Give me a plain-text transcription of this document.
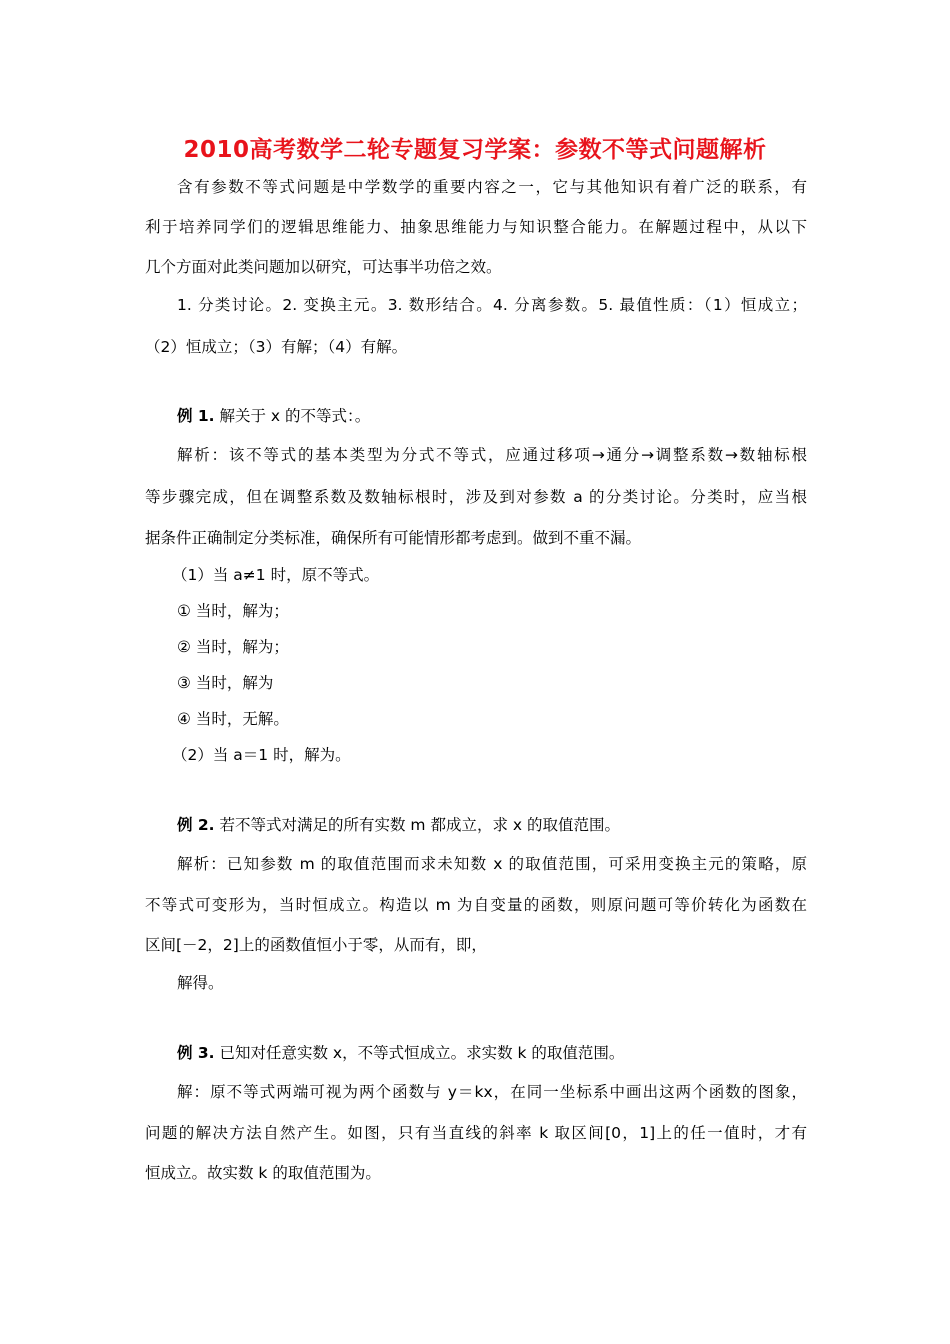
2010高考数学二轮专题复习学案：参数不等式问题解析
含有参数不等式问题是中学数学的重要内容之一，它与其他知识有着广泛的联系，有
利于培养同学们的逻辑思维能力、抽象思维能力与知识整合能力。在解题过程中，从以下
几个方面对此类问题加以研究，可达事半功倍之效。
1. 分类讨论。2. 变换主元。3. 数形结合。4. 分离参数。5. 最值性质：（1）恒成立；
（2）恒成立；（3）有解；（4）有解。
例 1. 解关于 x 的不等式：。
解析：该不等式的基本类型为分式不等式，应通过移项→通分→调整系数→数轴标根
等步骤完成，但在调整系数及数轴标根时，涉及到对参数 a 的分类讨论。分类时，应当根
据条件正确制定分类标准，确保所有可能情形都考虑到。做到不重不漏。
（1）当 a≠1 时，原不等式。
① 当时，解为；
② 当时，解为；
③ 当时，解为
④ 当时，无解。
（2）当 a＝1 时，解为。
例 2. 若不等式对满足的所有实数 m 都成立，求 x 的取值范围。
解析：已知参数 m 的取值范围而求未知数 x 的取值范围，可采用变换主元的策略，原
不等式可变形为，当时恒成立。构造以 m 为自变量的函数，则原问题可等价转化为函数在
区间[－2，2]上的函数值恒小于零，从而有，即，
解得。
例 3. 已知对任意实数 x，不等式恒成立。求实数 k 的取值范围。
解：原不等式两端可视为两个函数与 y＝kx，在同一坐标系中画出这两个函数的图象，
问题的解决方法自然产生。如图，只有当直线的斜率 k 取区间[0，1]上的任一值时，才有
恒成立。故实数 k 的取值范围为。
